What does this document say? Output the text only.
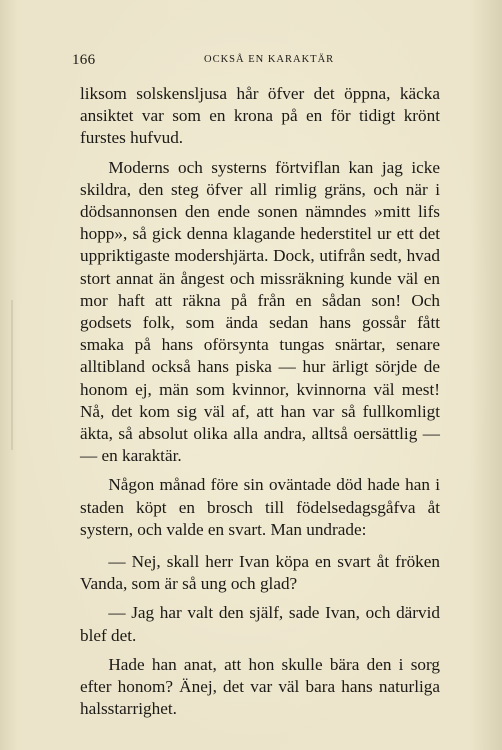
166	OCKSÅ EN KARAKTÄR

liksom solskensljusa hår öfver det öppna, käcka ansiktet var som en krona på en för tidigt krönt furstes hufvud.

Moderns och systerns förtviflan kan jag icke skildra, den steg öfver all rimlig gräns, och när i dödsannonsen den ende sonen nämndes »mitt lifs hopp», så gick denna klagande hederstitel ur ett det uppriktigaste modershjärta. Dock, utifrån sedt, hvad stort annat än ångest och missräkning kunde väl en mor haft att räkna på från en sådan son! Och godsets folk, som ända sedan hans gossår fått smaka på hans oförsynta tungas snärtar, senare alltibland också hans piska — hur ärligt sörjde de honom ej, män som kvinnor, kvinnorna väl mest! Nå, det kom sig väl af, att han var så fullkomligt äkta, så absolut olika alla andra, alltså oersättlig — — en karaktär.

Någon månad före sin oväntade död hade han i staden köpt en brosch till födelsedagsgåfva åt systern, och valde en svart. Man undrade:

— Nej, skall herr Ivan köpa en svart åt fröken Vanda, som är så ung och glad?

— Jag har valt den själf, sade Ivan, och därvid blef det.

Hade han anat, att hon skulle bära den i sorg efter honom? Änej, det var väl bara hans naturliga halsstarrighet.
